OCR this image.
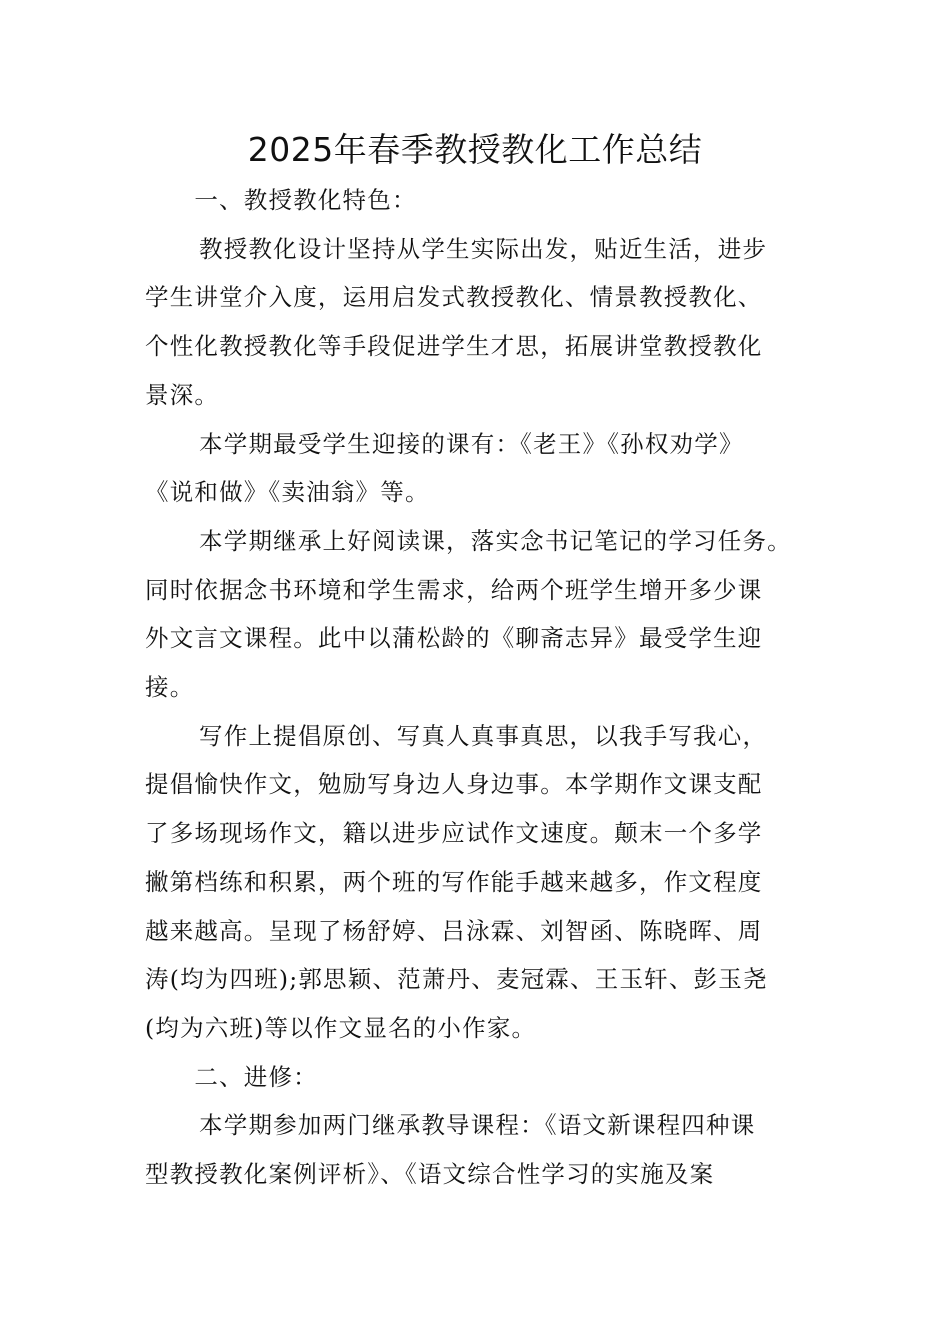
2025年春季教授教化工作总结

一、教授教化特色：

教授教化设计坚持从学生实际出发，贴近生活，进步
学生讲堂介入度，运用启发式教授教化、情景教授教化、
个性化教授教化等手段促进学生才思，拓展讲堂教授教化
景深。

本学期最受学生迎接的课有：《老王》《孙权劝学》
《说和做》《卖油翁》等。

本学期继承上好阅读课，落实念书记笔记的学习任务。
同时依据念书环境和学生需求，给两个班学生增开多少课
外文言文课程。此中以蒲松龄的《聊斋志异》最受学生迎
接。

写作上提倡原创、写真人真事真思，以我手写我心，
提倡愉快作文，勉励写身边人身边事。本学期作文课支配
了多场现场作文，籍以进步应试作文速度。颠末一个多学
撇第档练和积累，两个班的写作能手越来越多，作文程度
越来越高。呈现了杨舒婷、吕泳霖、刘智函、陈晓晖、周
涛(均为四班);郭思颖、范萧丹、麦冠霖、王玉轩、彭玉尧
(均为六班)等以作文显名的小作家。

二、进修：

本学期参加两门继承教导课程：《语文新课程四种课
型教授教化案例评析》、《语文综合性学习的实施及案
